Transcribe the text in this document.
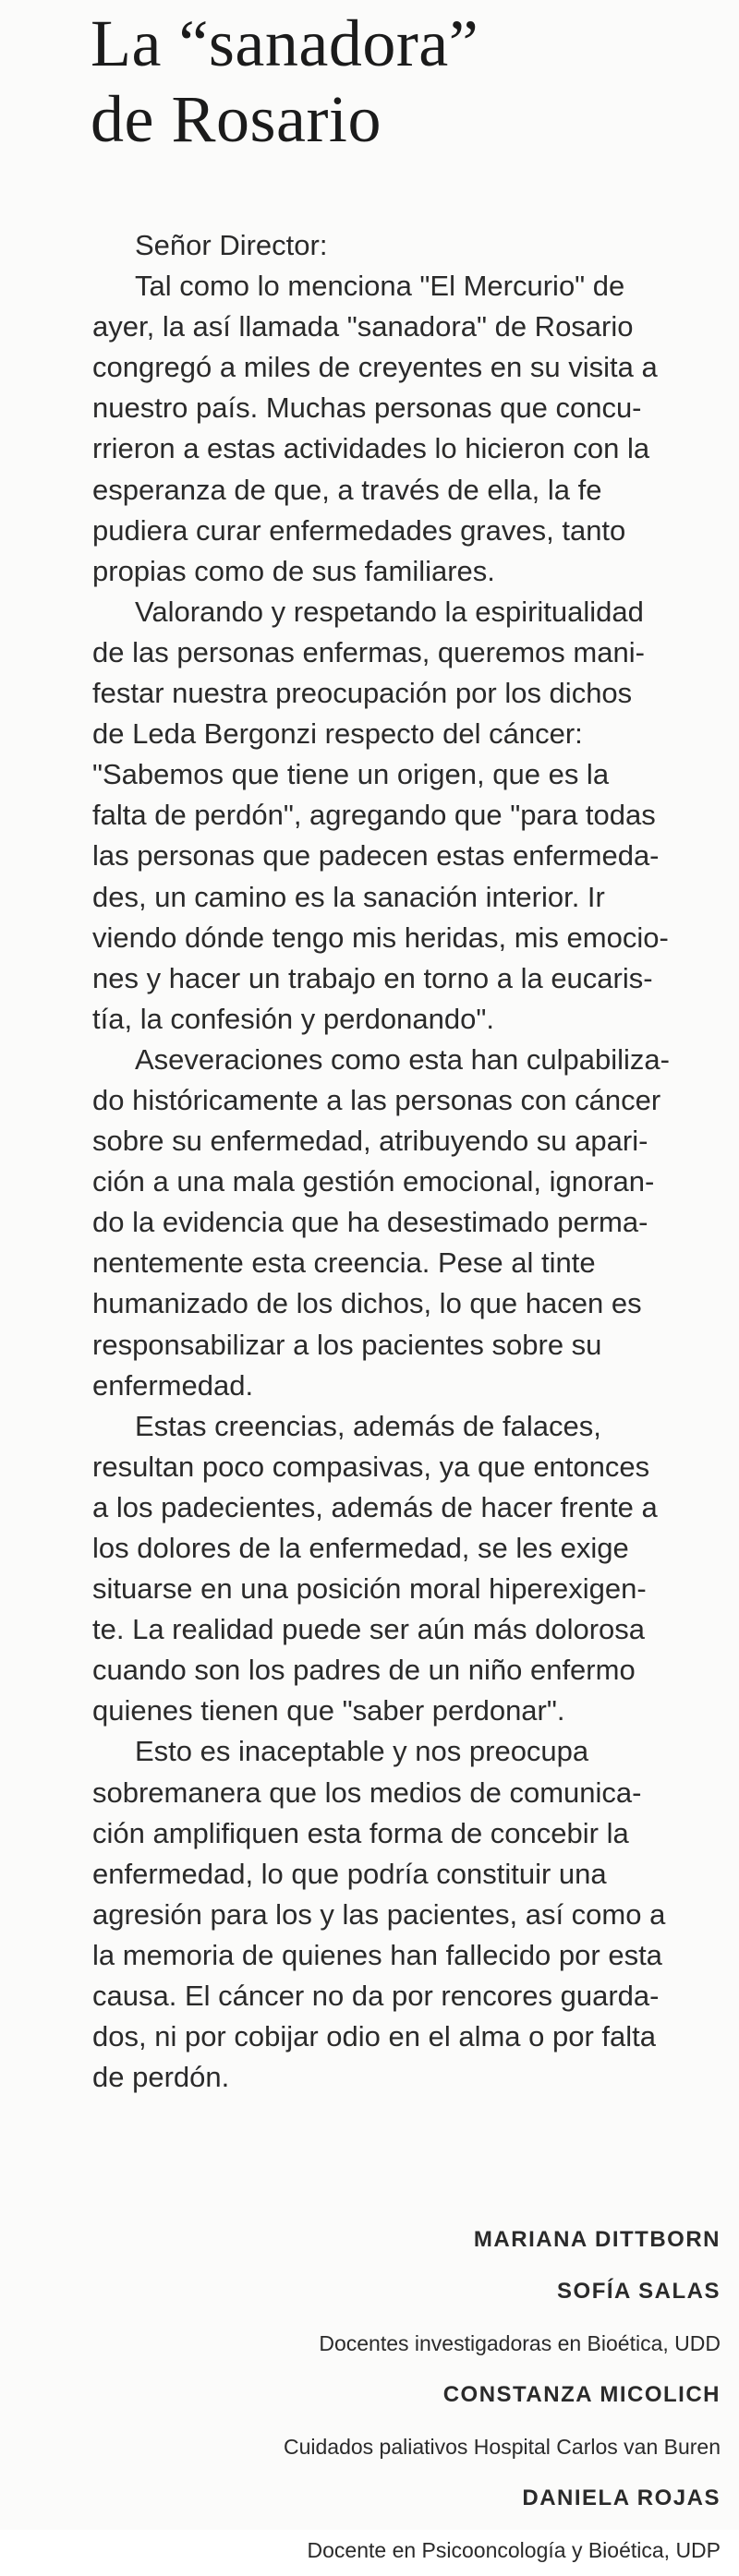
La “sanadora”
de Rosario
Señor Director:
Tal como lo menciona "El Mercurio" de
ayer, la así llamada "sanadora" de Rosario
congregó a miles de creyentes en su visita a
nuestro país. Muchas personas que concu-
rrieron a estas actividades lo hicieron con la
esperanza de que, a través de ella, la fe
pudiera curar enfermedades graves, tanto
propias como de sus familiares.
Valorando y respetando la espiritualidad
de las personas enfermas, queremos mani-
festar nuestra preocupación por los dichos
de Leda Bergonzi respecto del cáncer:
"Sabemos que tiene un origen, que es la
falta de perdón", agregando que "para todas
las personas que padecen estas enfermeda-
des, un camino es la sanación interior. Ir
viendo dónde tengo mis heridas, mis emocio-
nes y hacer un trabajo en torno a la eucaris-
tía, la confesión y perdonando".
Aseveraciones como esta han culpabiliza-
do históricamente a las personas con cáncer
sobre su enfermedad, atribuyendo su apari-
ción a una mala gestión emocional, ignoran-
do la evidencia que ha desestimado perma-
nentemente esta creencia. Pese al tinte
humanizado de los dichos, lo que hacen es
responsabilizar a los pacientes sobre su
enfermedad.
Estas creencias, además de falaces,
resultan poco compasivas, ya que entonces
a los padecientes, además de hacer frente a
los dolores de la enfermedad, se les exige
situarse en una posición moral hiperexigen-
te. La realidad puede ser aún más dolorosa
cuando son los padres de un niño enfermo
quienes tienen que "saber perdonar".
Esto es inaceptable y nos preocupa
sobremanera que los medios de comunica-
ción amplifiquen esta forma de concebir la
enfermedad, lo que podría constituir una
agresión para los y las pacientes, así como a
la memoria de quienes han fallecido por esta
causa. El cáncer no da por rencores guarda-
dos, ni por cobijar odio en el alma o por falta
de perdón.
MARIANA DITTBORN
SOFÍA SALAS
Docentes investigadoras en Bioética, UDD
CONSTANZA MICOLICH
Cuidados paliativos Hospital Carlos van Buren
DANIELA ROJAS
Docente en Psicooncología y Bioética, UDP
